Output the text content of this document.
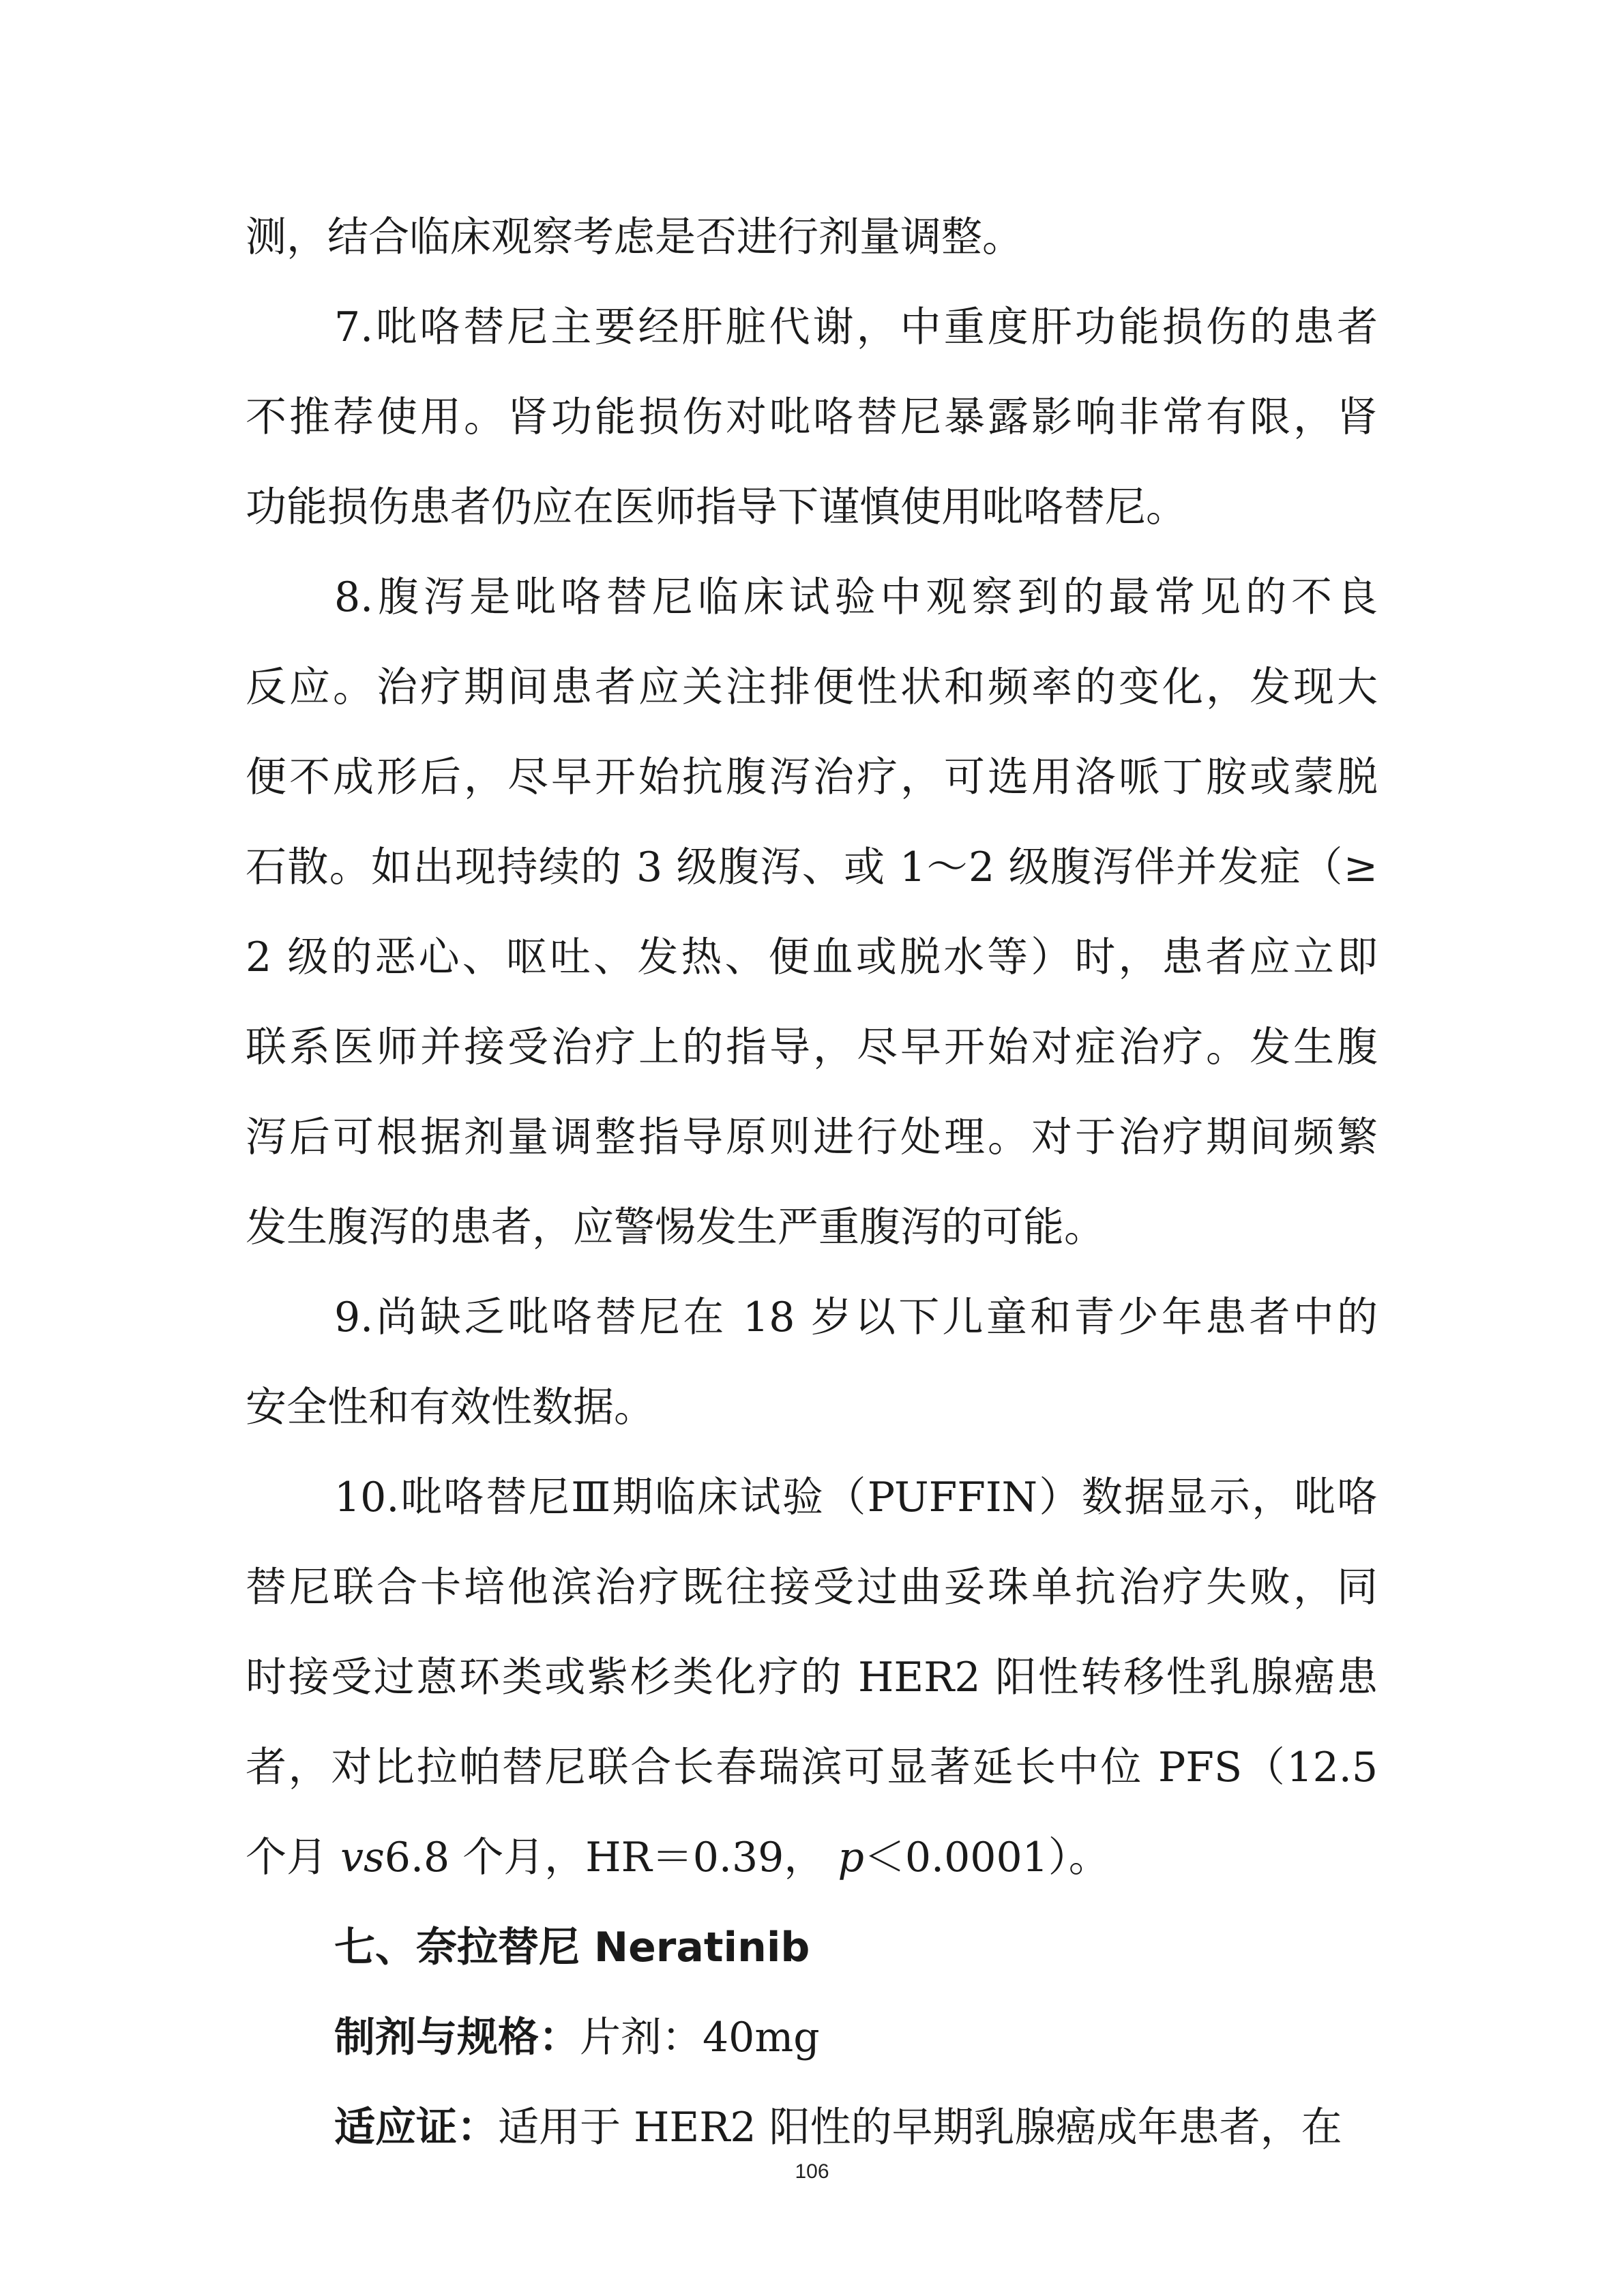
测，结合临床观察考虑是否进行剂量调整。
7.吡咯替尼主要经肝脏代谢，中重度肝功能损伤的患者
不推荐使用。肾功能损伤对吡咯替尼暴露影响非常有限，肾
功能损伤患者仍应在医师指导下谨慎使用吡咯替尼。
8.腹泻是吡咯替尼临床试验中观察到的最常见的不良
反应。治疗期间患者应关注排便性状和频率的变化，发现大
便不成形后，尽早开始抗腹泻治疗，可选用洛哌丁胺或蒙脱
石散。如出现持续的 3 级腹泻、或 1～2 级腹泻伴并发症（≥
2 级的恶心、呕吐、发热、便血或脱水等）时，患者应立即
联系医师并接受治疗上的指导，尽早开始对症治疗。发生腹
泻后可根据剂量调整指导原则进行处理。对于治疗期间频繁
发生腹泻的患者，应警惕发生严重腹泻的可能。
9.尚缺乏吡咯替尼在 18 岁以下儿童和青少年患者中的
安全性和有效性数据。
10.吡咯替尼Ⅲ期临床试验（PUFFIN）数据显示，吡咯
替尼联合卡培他滨治疗既往接受过曲妥珠单抗治疗失败，同
时接受过蒽环类或紫杉类化疗的 HER2 阳性转移性乳腺癌患
者，对比拉帕替尼联合长春瑞滨可显著延长中位 PFS（12.5
个月 vs6.8 个月，HR＝0.39， p＜0.0001）。
七、奈拉替尼 Neratinib
制剂与规格：片剂：40mg
适应证：适用于 HER2 阳性的早期乳腺癌成年患者，在
106
